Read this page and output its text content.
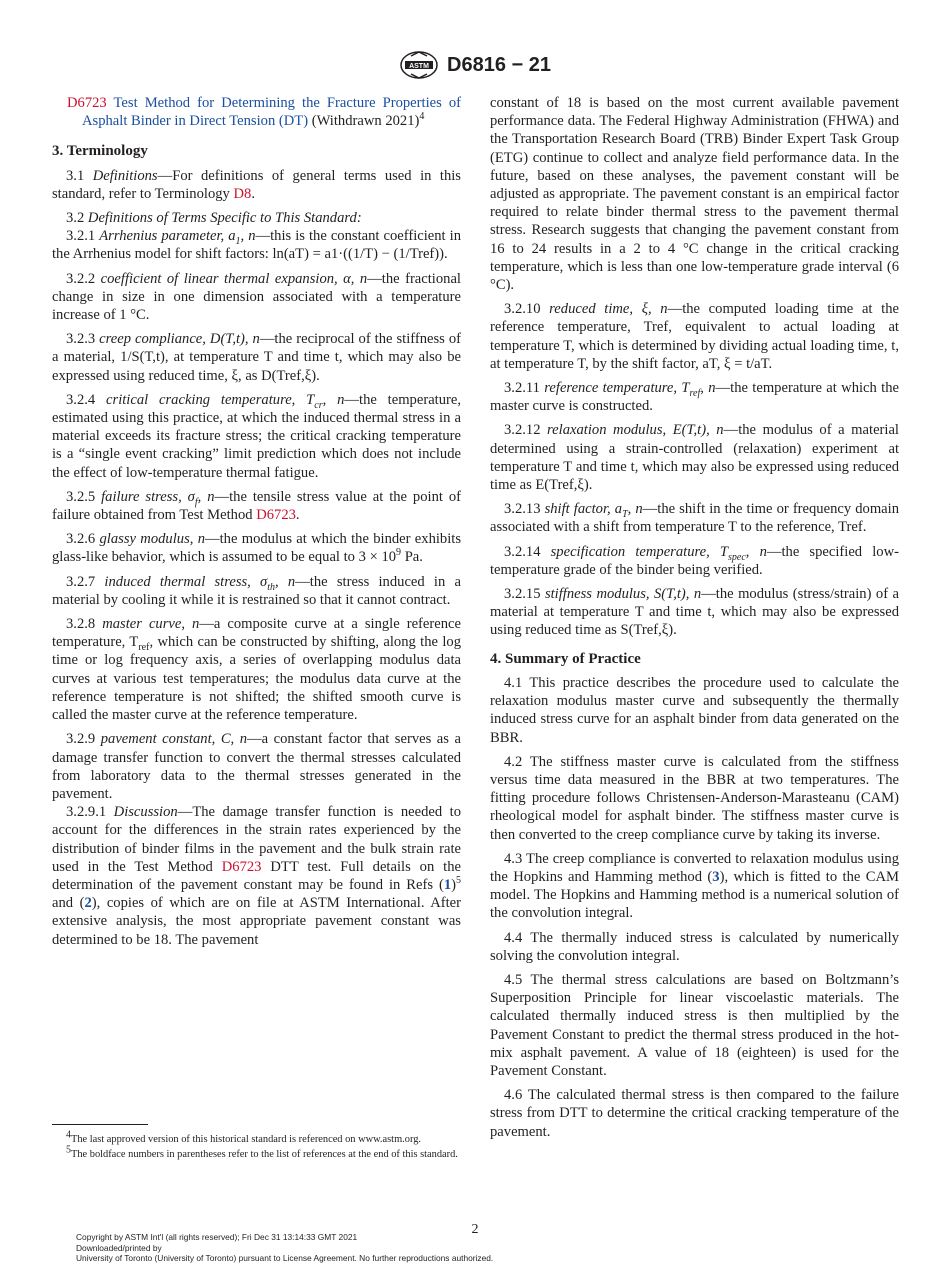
ASTM D6816 − 21

D6723 Test Method for Determining the Fracture Properties of Asphalt Binder in Direct Tension (DT) (Withdrawn 2021)$^4$

3. Terminology

3.1 Definitions—For definitions of general terms used in this standard, refer to Terminology D8.

3.2 Definitions of Terms Specific to This Standard:

3.2.1 Arrhenius parameter, $a_1$, n—this is the constant coefficient in the Arrhenius model for shift factors: ln(aT) = a1·((1/T) − (1/Tref)).

3.2.2 coefficient of linear thermal expansion, α, n—the fractional change in size in one dimension associated with a temperature increase of 1 °C.

3.2.3 creep compliance, D(T,t), n—the reciprocal of the stiffness of a material, 1/S(T,t), at temperature T and time t, which may also be expressed using reduced time, ξ, as D(Tref,ξ).

3.2.4 critical cracking temperature, $T_{cr}$, n—the temperature, estimated using this practice, at which the induced thermal stress in a material exceeds its fracture stress; the critical cracking temperature is a “single event cracking” limit prediction which does not include the effect of low-temperature thermal fatigue.

3.2.5 failure stress, $\sigma_f$, n—the tensile stress value at the point of failure obtained from Test Method D6723.

3.2.6 glassy modulus, n—the modulus at which the binder exhibits glass-like behavior, which is assumed to be equal to $3 \times 10^9$ Pa.

3.2.7 induced thermal stress, $\sigma_{th}$, n—the stress induced in a material by cooling it while it is restrained so that it cannot contract.

3.2.8 master curve, n—a composite curve at a single reference temperature, $T_{ref}$, which can be constructed by shifting, along the log time or log frequency axis, a series of overlapping modulus data curves at various test temperatures; the modulus data curve at the reference temperature is not shifted; the shifted smooth curve is called the master curve at the reference temperature.

3.2.9 pavement constant, C, n—a constant factor that serves as a damage transfer function to convert the thermal stresses calculated from laboratory data to the thermal stresses generated in the pavement.

3.2.9.1 Discussion—The damage transfer function is needed to account for the differences in the strain rates experienced by the distribution of binder films in the pavement and the bulk strain rate used in the Test Method D6723 DTT test. Full details on the determination of the pavement constant may be found in Refs $(1)^5$ and (2), copies of which are on file at ASTM International. After extensive analysis, the most appropriate pavement constant was determined to be 18. The pavement

$^4$The last approved version of this historical standard is referenced on www.astm.org.

$^5$The boldface numbers in parentheses refer to the list of references at the end of this standard.

constant of 18 is based on the most current available pavement performance data. The Federal Highway Administration (FHWA) and the Transportation Research Board (TRB) Binder Expert Task Group (ETG) continue to collect and analyze field performance data. In the future, based on these analyses, the pavement constant will be adjusted as appropriate. The pavement constant is an empirical factor required to relate binder thermal stress to the pavement thermal stress. Research suggests that changing the pavement constant from 16 to 24 results in a 2 to 4 °C change in the critical cracking temperature, which is less than one low-temperature grade interval (6 °C).

3.2.10 reduced time, ξ, n—the computed loading time at the reference temperature, Tref, equivalent to actual loading at temperature T, which is determined by dividing actual loading time, t, at temperature T, by the shift factor, aT, ξ = t/aT.

3.2.11 reference temperature, $T_{ref}$, n—the temperature at which the master curve is constructed.

3.2.12 relaxation modulus, E(T,t), n—the modulus of a material determined using a strain-controlled (relaxation) experiment at temperature T and time t, which may also be expressed using reduced time as E(Tref,ξ).

3.2.13 shift factor, $a_T$, n—the shift in the time or frequency domain associated with a shift from temperature T to the reference, Tref.

3.2.14 specification temperature, $T_{spec}$, n—the specified low-temperature grade of the binder being verified.

3.2.15 stiffness modulus, S(T,t), n—the modulus (stress/strain) of a material at temperature T and time t, which may also be expressed using reduced time as S(Tref,ξ).

4. Summary of Practice

4.1 This practice describes the procedure used to calculate the relaxation modulus master curve and subsequently the thermally induced stress curve for an asphalt binder from data generated on the BBR.

4.2 The stiffness master curve is calculated from the stiffness versus time data measured in the BBR at two temperatures. The fitting procedure follows Christensen-Anderson-Marasteanu (CAM) rheological model for asphalt binder. The stiffness master curve is then converted to the creep compliance curve by taking its inverse.

4.3 The creep compliance is converted to relaxation modulus using the Hopkins and Hamming method (3), which is fitted to the CAM model. The Hopkins and Hamming method is a numerical solution of the convolution integral.

4.4 The thermally induced stress is calculated by numerically solving the convolution integral.

4.5 The thermal stress calculations are based on Boltzmann’s Superposition Principle for linear viscoelastic materials. The calculated thermally induced stress is then multiplied by the Pavement Constant to predict the thermal stress produced in the hot-mix asphalt pavement. A value of 18 (eighteen) is used for the Pavement Constant.

4.6 The calculated thermal stress is then compared to the failure stress from DTT to determine the critical cracking temperature of the pavement.

2
Copyright by ASTM Int'l (all rights reserved); Fri Dec 31 13:14:33 GMT 2021
Downloaded/printed by
University of Toronto (University of Toronto) pursuant to License Agreement. No further reproductions authorized.
